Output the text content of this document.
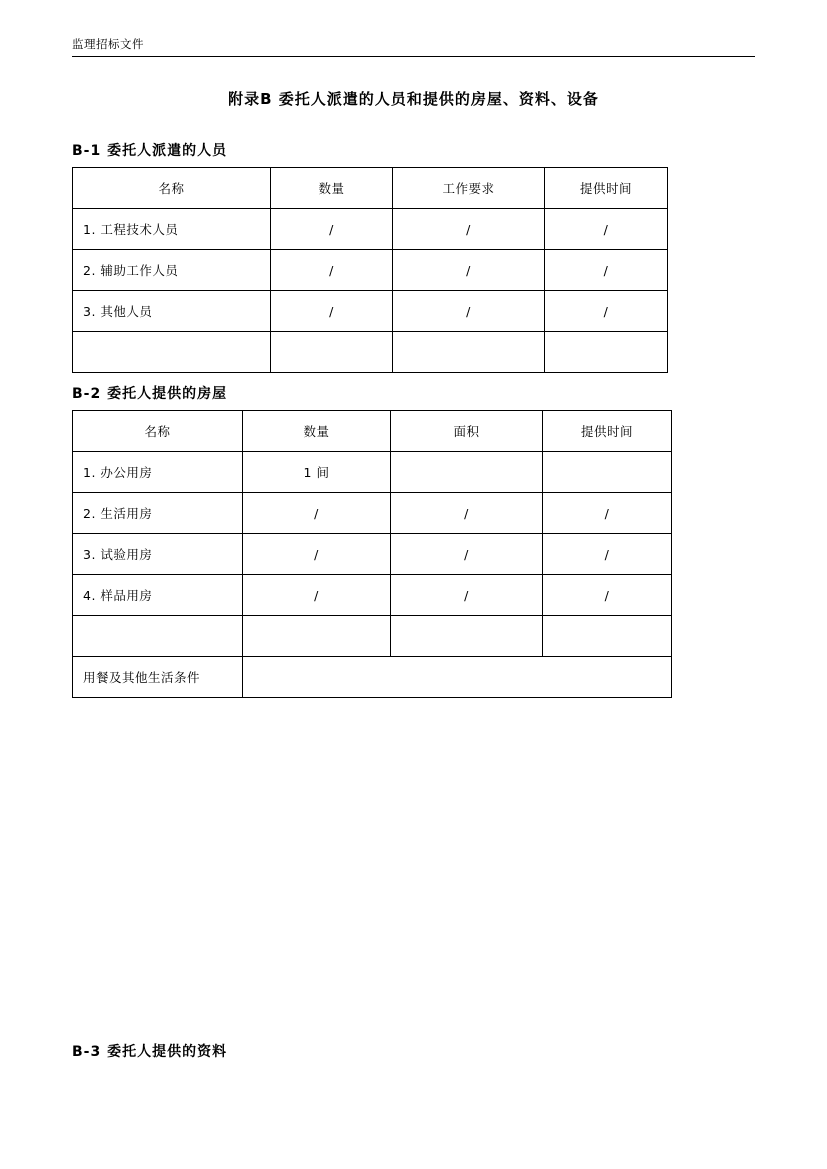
监理招标文件
附录B 委托人派遣的人员和提供的房屋、资料、设备
B-1 委托人派遣的人员
名称	数量	工作要求	提供时间
1. 工程技术人员	/	/	/
2. 辅助工作人员	/	/	/
3. 其他人员	/	/	/

B-2 委托人提供的房屋
名称	数量	面积	提供时间
1. 办公用房	1 间		
2. 生活用房	/	/	/
3. 试验用房	/	/	/
4. 样品用房	/	/	/

用餐及其他生活条件			
B-3 委托人提供的资料
